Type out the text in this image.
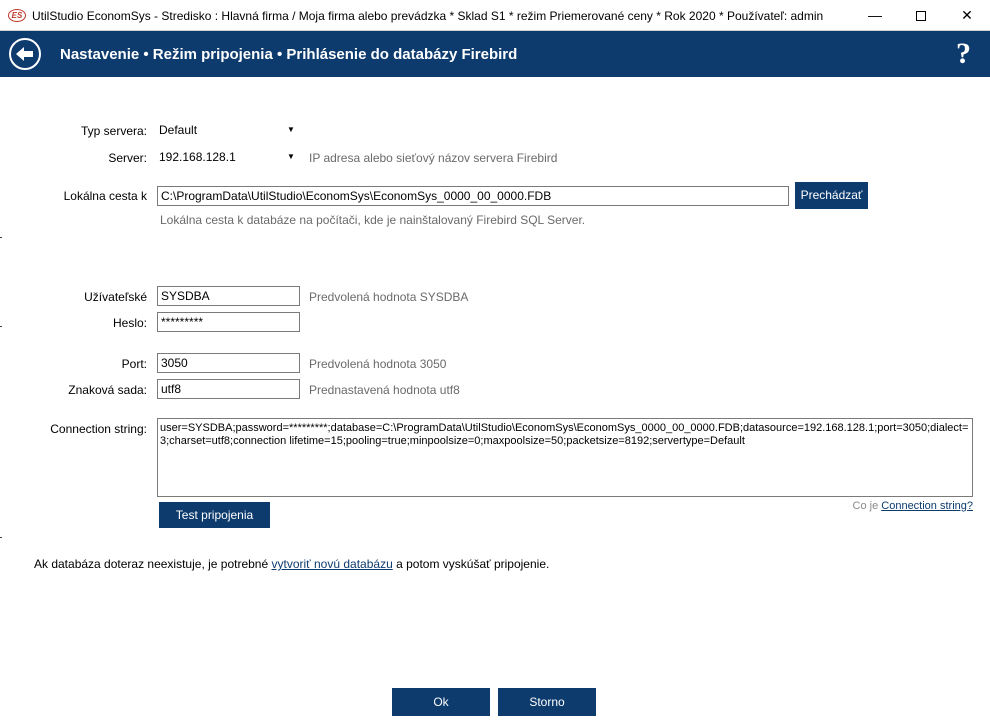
ES UtilStudio EconomSys - Stredisko : Hlavná firma / Moja firma alebo prevádzka * Sklad S1 * režim Priemerované ceny * Rok 2020 * Používateľ: admin	—	✕
Nastavenie • Režim pripojenia • Prihlásenie do databázy Firebird	?
Typ servera: Default	▼
Server: 192.168.128.1	▼	IP adresa alebo sieťový názov servera Firebird
Lokálna cesta k	C:\ProgramData\UtilStudio\EconomSys\EconomSys_0000_00_0000.FDB	Prechádzať
Lokálna cesta k databáze na počítači, kde je nainštalovaný Firebird SQL Server.
Užívateľské	SYSDBA	Predvolená hodnota SYSDBA
Heslo:	*********
Port:	3050	Predvolená hodnota 3050
Znaková sada:	utf8	Prednastavená hodnota utf8
Connection string: user=SYSDBA;password=*********;database=C:\ProgramData\UtilStudio\EconomSys\EconomSys_0000_00_0000.FDB;datasource=192.168.128.1;port=3050;dialect=3;charset=utf8;connection lifetime=15;pooling=true;minpoolsize=0;maxpoolsize=50;packetsize=8192;servertype=Default
Test pripojenia
Co je Connection string?
Ak databáza doteraz neexistuje, je potrebné vytvoriť novú databázu a potom vyskúšať pripojenie.
Ok	Storno
